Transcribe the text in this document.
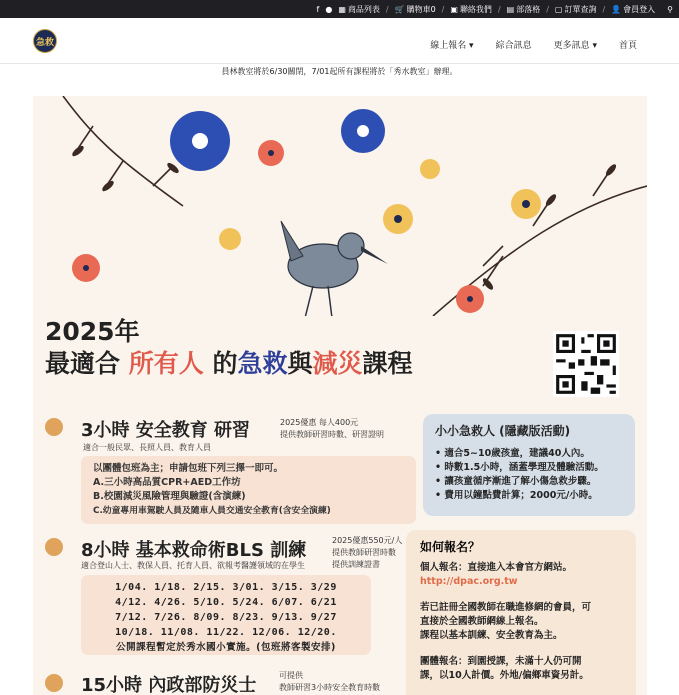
f ● ▦ 商品列表 / 🛒 購物車0 / ▣ 聯絡我們 / ▤ 部落格 / ▢ 訂單查詢 / 👤 會員登入 ⚲
急救	線上報名 ▾ 綜合訊息 更多訊息 ▾ 首頁
員林教室將於6/30關閉，7/01起所有課程將於「秀水教室」辦理。
2025年
最適合 所有人 的急救與減災課程
3小時 安全教育 研習	2025優惠 每人400元
提供教師研習時數、研習證明
適合一般民眾、長照人員、教育人員
以團體包班為主；申請包班下列三擇一即可。
A.三小時高品質CPR+AED工作坊
B.校園減災風險管理與驗證(含演練)
C.幼童專用車駕駛人員及隨車人員交通安全教育(含安全演練)
小小急救人 (隱藏版活動)
• 適合5~10歲孩童，建議40人內。
• 時數1.5小時，涵蓋學理及體驗活動。
• 讓孩童循序漸進了解小傷急救步驟。
• 費用以鐘點費計算；2000元/小時。
8小時 基本救命術BLS 訓練	2025優惠550元/人
提供教師研習時數
提供訓練證書
適合登山人士、教保人員、托育人員、欲報考醫護領域的在學生
1/04. 1/18. 2/15. 3/01. 3/15. 3/29
4/12. 4/26. 5/10. 5/24. 6/07. 6/21
7/12. 7/26. 8/09. 8/23. 9/13. 9/27
10/18. 11/08. 11/22. 12/06. 12/20.
公開課程暫定於秀水國小實施。(包班將客製安排)
如何報名？

個人報名：直接進入本會官方網站。
http://dpac.org.tw

若已註冊全國教師在職進修網的會員，可
直接於全國教師網線上報名。
課程以基本訓練、安全教育為主。

團體報名：到園授課，未滿十人仍可開
課，以10人計價。外地/偏鄉車資另計。

15小時 內政部防災士	可提供
教師研習3小時安全教育時數
